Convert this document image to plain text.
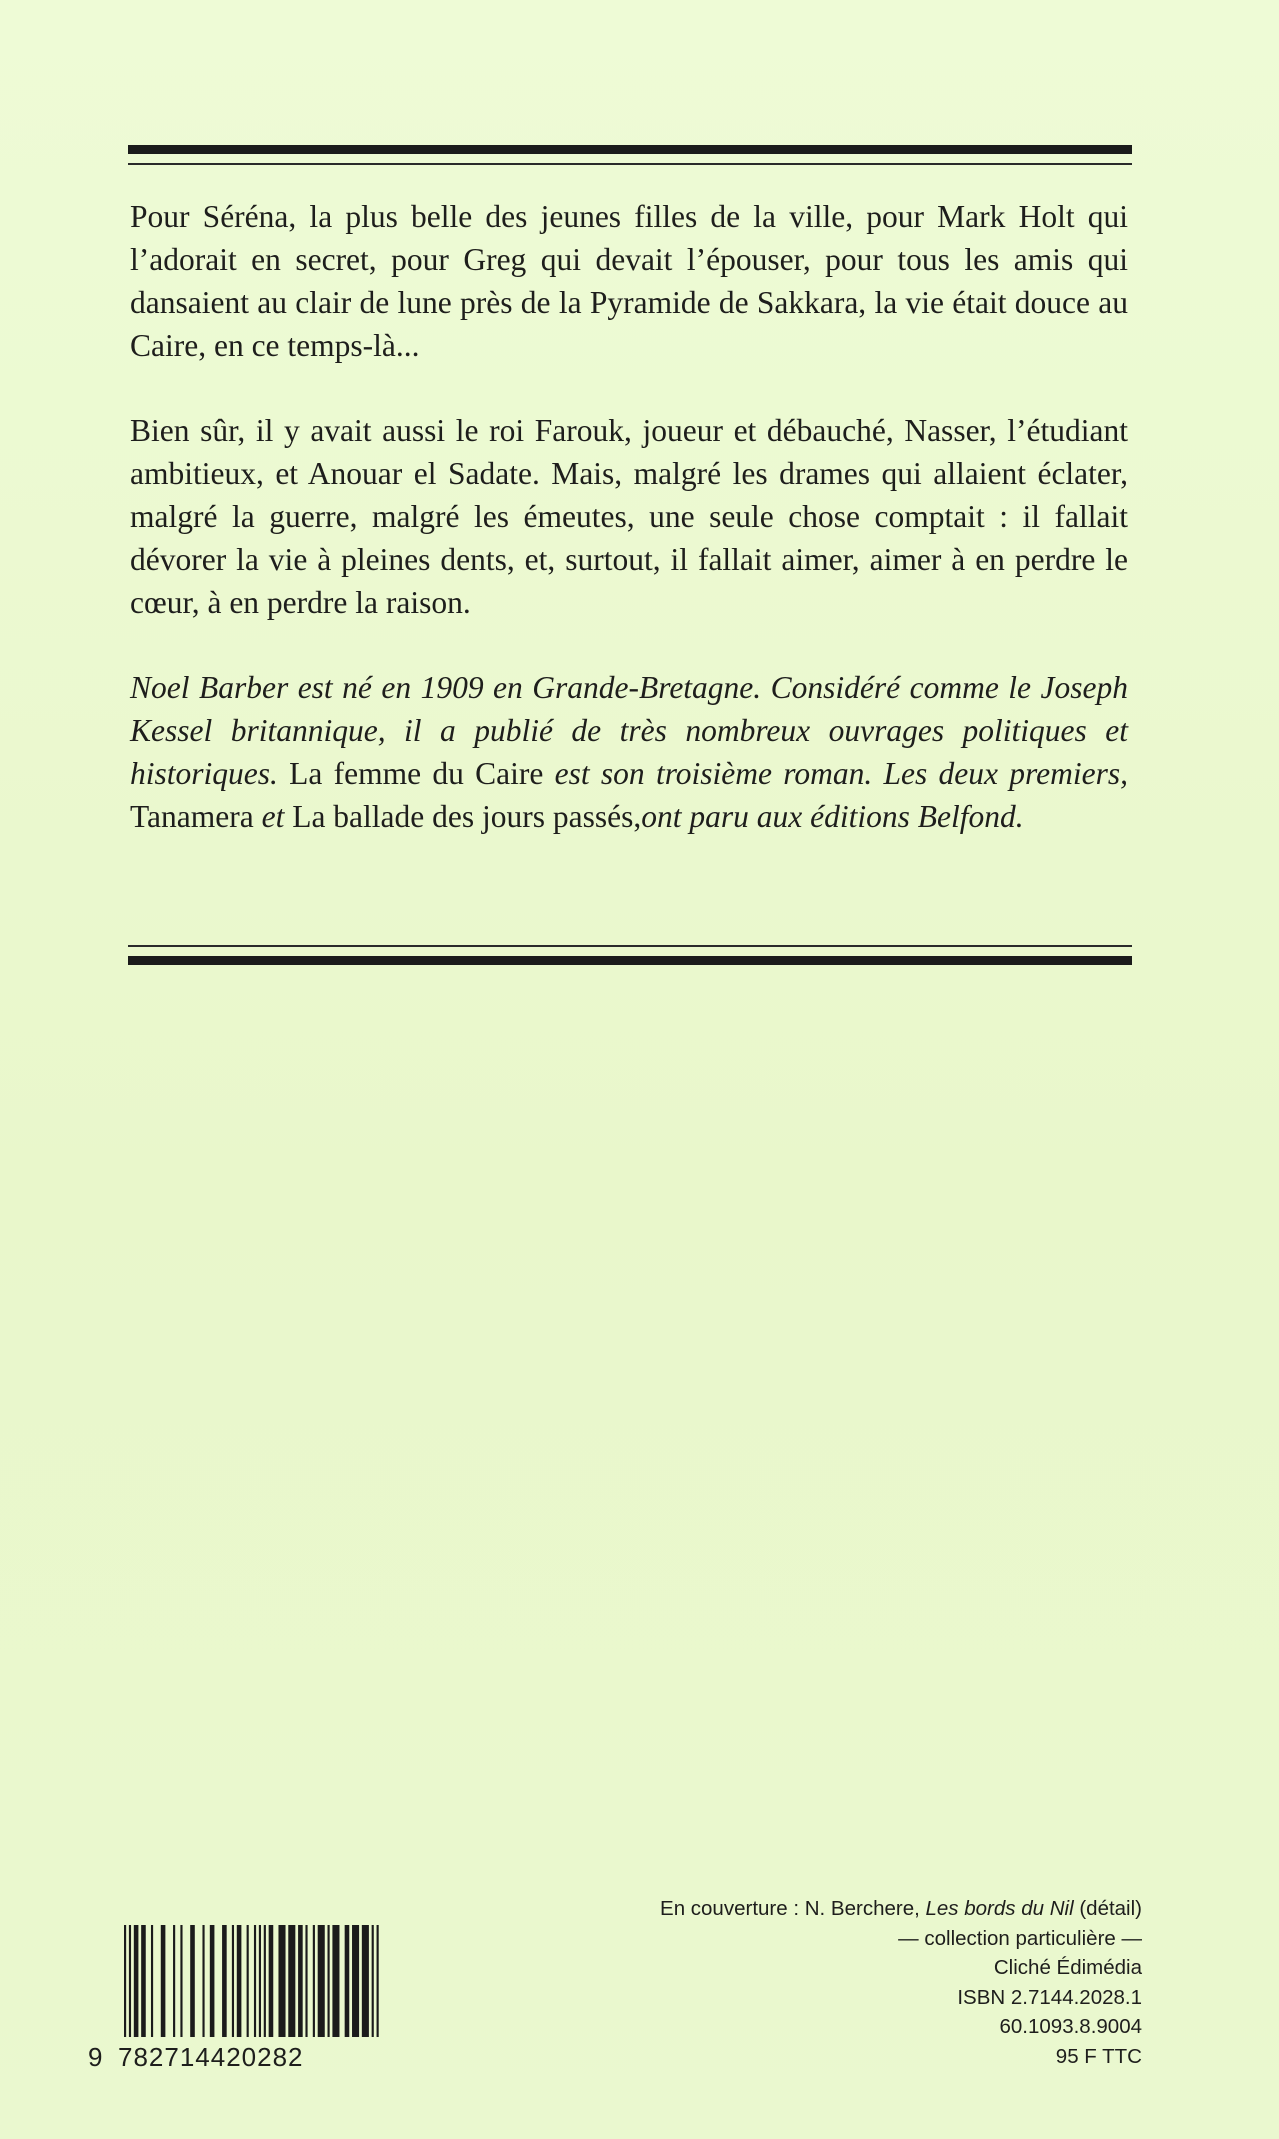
Pour Séréna, la plus belle des jeunes filles de la ville, pour Mark Holt qui l’adorait en secret, pour Greg qui devait l’épouser, pour tous les amis qui dansaient au clair de lune près de la Pyramide de Sakkara, la vie était douce au Caire, en ce temps-là...

Bien sûr, il y avait aussi le roi Farouk, joueur et débauché, Nasser, l’étudiant ambitieux, et Anouar el Sadate. Mais, malgré les drames qui allaient éclater, malgré la guerre, malgré les émeutes, une seule chose comptait : il fallait dévorer la vie à pleines dents, et, surtout, il fallait aimer, aimer à en perdre le cœur, à en perdre la raison.

Noel Barber est né en 1909 en Grande-Bretagne. Considéré comme le Joseph Kessel britannique, il a publié de très nombreux ouvrages politiques et historiques. La femme du Caire est son troisième roman. Les deux premiers, Tanamera et La ballade des jours passés,ont paru aux éditions Belfond.

9 782714420282
En couverture : N. Berchere, Les bords du Nil (détail)
— collection particulière —
Cliché Édimédia
ISBN 2.7144.2028.1
60.1093.8.9004
95 F TTC
